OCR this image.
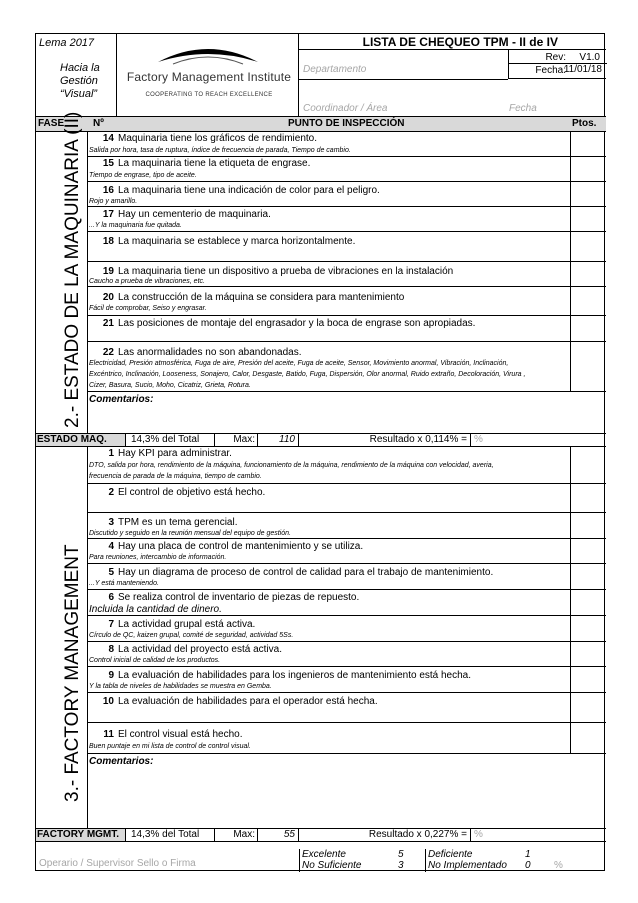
Lema 2017
Hacia la
Gestión
“Visual”
Factory Management Institute
COOPERATING TO REACH EXCELLENCE
LISTA DE CHEQUEO TPM - II de IV
Departamento
Rev: V1.0
Fecha:
11/01/18
Coordinador / Área	Fecha
FASE	Nº	PUNTO DE INSPECCIÓN	Ptos.
2.- ESTADO DE LA MAQUINARIA (II)	14 Maquinaria tiene los gráficos de rendimiento.
Salida por hora, tasa de ruptura, índice de frecuencia de parada, Tiempo de cambio.
15 La maquinaria tiene la etiqueta de engrase.
Tiempo de engrase, tipo de aceite.
16 La maquinaria tiene una indicación de color para el peligro.
Rojo y amarillo.
17 Hay un cementerio de maquinaria.
...Y la maquinaria fue quitada.
18 La maquinaria se establece y marca horizontalmente.
19 La maquinaria tiene un dispositivo a prueba de vibraciones en la instalación
Caucho a prueba de vibraciones, etc.
20 La construcción de la máquina se considera para mantenimiento
Fácil de comprobar, Seiso y engrasar.
21 Las posiciones de montaje del engrasador y la boca de engrase son apropiadas.
22 Las anormalidades no son abandonadas.
Electricidad, Presión atmosférica, Fuga de aire, Presión del aceite, Fuga de aceite, Sensor, Movimiento anormal, Vibración, Inclinación,
Excéntrico, Inclinación, Looseness, Sonajero, Calor, Desgaste, Batido, Fuga, Dispersión, Olor anormal, Ruido extraño, Decoloración, Virura ,
Cizer, Basura, Sucio, Moho, Cicatriz, Grieta, Rotura.
Comentarios:
ESTADO MAQ.	14,3% del Total	Max:	110	Resultado x 0,114% = %
3.- FACTORY MANAGEMENT
1 Hay KPI para administrar.
DTO, salida por hora, rendimiento de la máquina, funcionamiento de la máquina, rendimiento de la máquina con velocidad, averia,
frecuencia de parada de la máquina, tiempo de cambio.
2 El control de objetivo está hecho.
3 TPM es un tema gerencial.
Discutido y seguido en la reunión mensual del equipo de gestión.
4 Hay una placa de control de mantenimiento y se utiliza.
Para reuniones, intercambio de información.
5 Hay un diagrama de proceso de control de calidad para el trabajo de mantenimiento.
...Y está manteniendo.
6 Se realiza control de inventario de piezas de repuesto.
Incluida la cantidad de dinero.
7 La actividad grupal está activa.
Círculo de QC, kaizen grupal, comité de seguridad, actividad 5Ss.
8 La actividad del proyecto está activa.
Control inicial de calidad de los productos.
9 La evaluación de habilidades para los ingenieros de mantenimiento está hecha.
Y la tabla de niveles de habilidades se muestra en Gemba.
10 La evaluación de habilidades para el operador está hecha.
11 El control visual está hecho.
Buen puntaje en mi lista de control de control visual.
Comentarios:
FACTORY MGMT.	14,3% del Total	Max:	55	Resultado x 0,227% = %
Operario / Supervisor Sello o Firma
Excelente	5
No Suficiente	3
Deficiente	1
No Implementado 0 %
